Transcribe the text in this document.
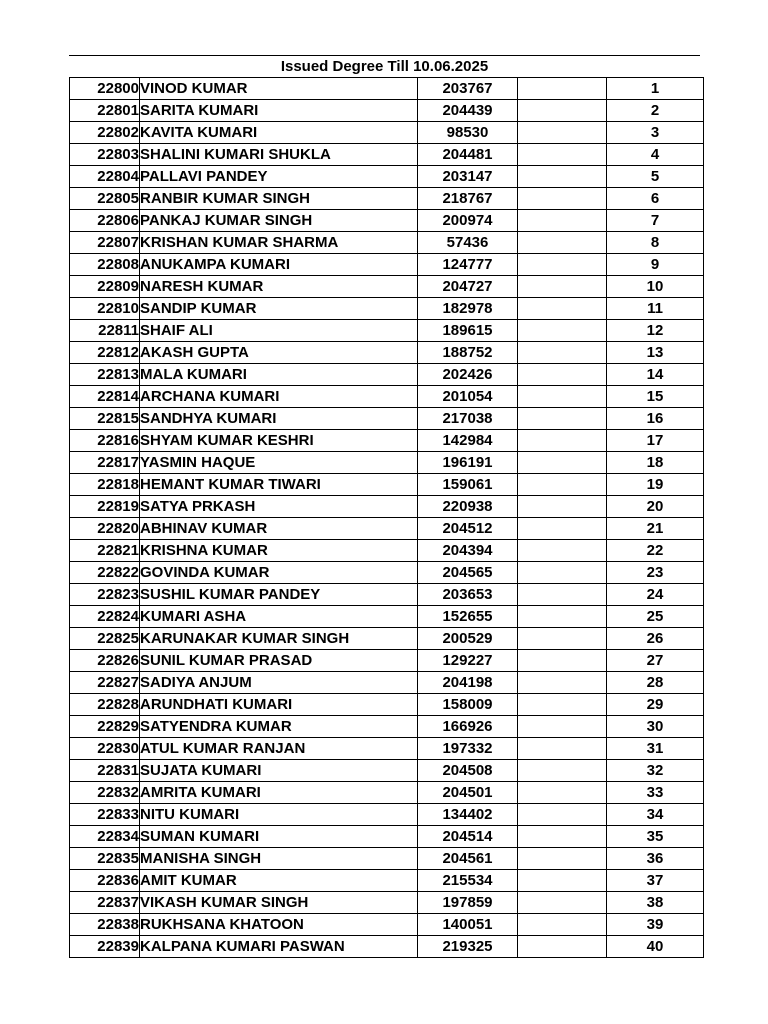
Issued Degree Till 10.06.2025
22800	VINOD KUMAR	203767		1
22801	SARITA KUMARI	204439		2
22802	KAVITA KUMARI	98530		3
22803	SHALINI KUMARI SHUKLA	204481		4
22804	PALLAVI PANDEY	203147		5
22805	RANBIR KUMAR SINGH	218767		6
22806	PANKAJ KUMAR SINGH	200974		7
22807	KRISHAN KUMAR SHARMA	57436		8
22808	ANUKAMPA KUMARI	124777		9
22809	NARESH KUMAR	204727		10
22810	SANDIP KUMAR	182978		11
22811	SHAIF ALI	189615		12
22812	AKASH GUPTA	188752		13
22813	MALA KUMARI	202426		14
22814	ARCHANA KUMARI	201054		15
22815	SANDHYA KUMARI	217038		16
22816	SHYAM KUMAR KESHRI	142984		17
22817	YASMIN HAQUE	196191		18
22818	HEMANT KUMAR TIWARI	159061		19
22819	SATYA PRKASH	220938		20
22820	ABHINAV KUMAR	204512		21
22821	KRISHNA KUMAR	204394		22
22822	GOVINDA KUMAR	204565		23
22823	SUSHIL KUMAR PANDEY	203653		24
22824	KUMARI ASHA	152655		25
22825	KARUNAKAR KUMAR SINGH	200529		26
22826	SUNIL KUMAR PRASAD	129227		27
22827	SADIYA ANJUM	204198		28
22828	ARUNDHATI KUMARI	158009		29
22829	SATYENDRA KUMAR	166926		30
22830	ATUL KUMAR RANJAN	197332		31
22831	SUJATA KUMARI	204508		32
22832	AMRITA KUMARI	204501		33
22833	NITU KUMARI	134402		34
22834	SUMAN KUMARI	204514		35
22835	MANISHA SINGH	204561		36
22836	AMIT KUMAR	215534		37
22837	VIKASH KUMAR SINGH	197859		38
22838	RUKHSANA KHATOON	140051		39
22839	KALPANA KUMARI PASWAN	219325		40
